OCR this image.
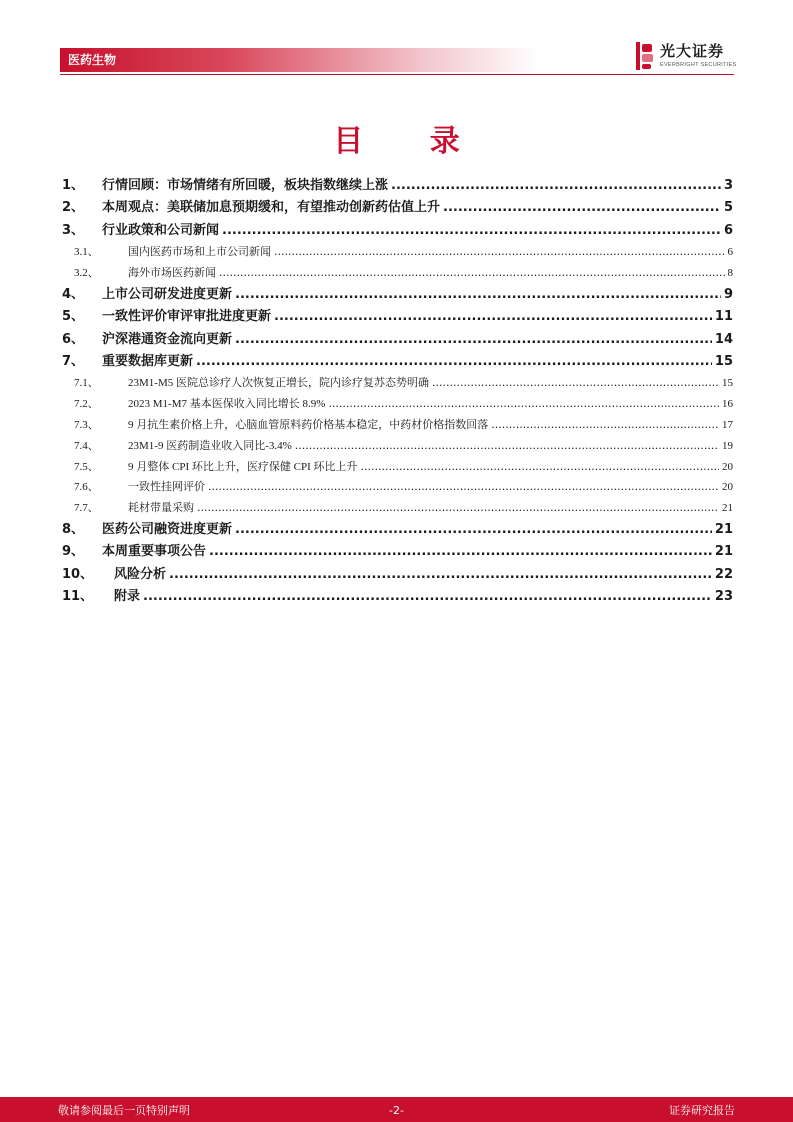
医药生物	光大证券
EVERBRIGHT SECURITIES
目 录
1、	行情回顾：市场情绪有所回暖，板块指数继续上涨 .....	3
2、	本周观点：美联储加息预期缓和，有望推动创新药估值上升 .....	5
3、	行业政策和公司新闻 .....	6
3.1、	国内医药市场和上市公司新闻 .....	6
3.2、	海外市场医药新闻 .....	8
4、	上市公司研发进度更新 .....	9
5、	一致性评价审评审批进度更新 .....	11
6、	沪深港通资金流向更新 .....	14
7、	重要数据库更新 .....	15
7.1、	23M1-M5 医院总诊疗人次恢复正增长，院内诊疗复苏态势明确 .....	15
7.2、	2023 M1-M7 基本医保收入同比增长 8.9% .....	16
7.3、	9 月抗生素价格上升，心脑血管原料药价格基本稳定，中药材价格指数回落 .....	17
7.4、	23M1-9 医药制造业收入同比-3.4% .....	19
7.5、	9 月整体 CPI 环比上升，医疗保健 CPI 环比上升 .....	20
7.6、	一致性挂网评价 .....	20
7.7、	耗材带量采购 .....	21
8、	医药公司融资进度更新 .....	21
9、	本周重要事项公告 .....	21
10、	风险分析 .....	22
11、	附录 .....	23
敬请参阅最后一页特别声明	-2-	证券研究报告
